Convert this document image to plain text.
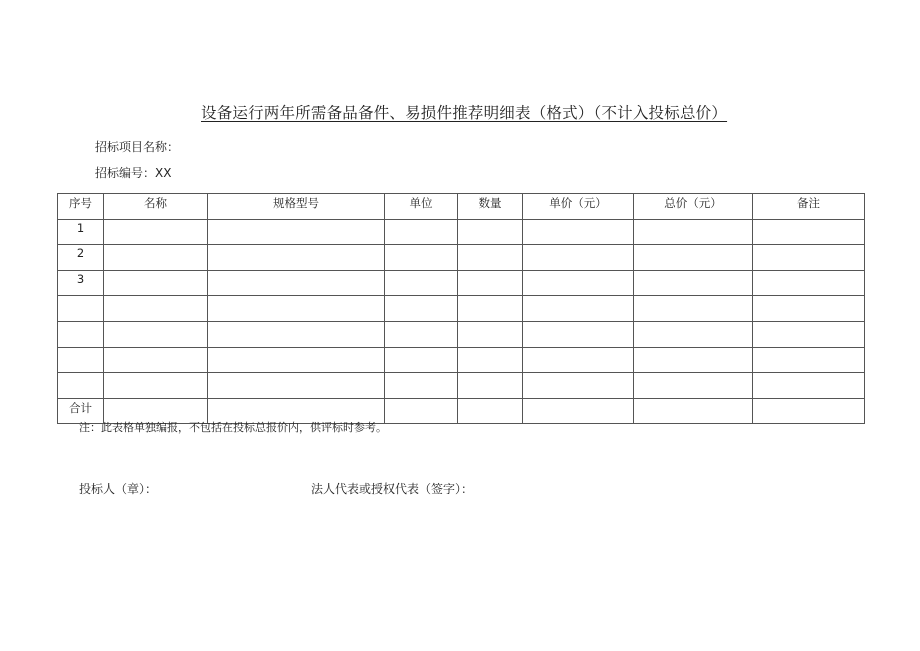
设备运行两年所需备品备件、易损件推荐明细表（格式）（不计入投标总价）
招标项目名称：
招标编号：XX
序号	名称	规格型号	单位	数量	单价（元）	总价（元）	备注
1							
2							
3							

合计							
注：此表格单独编报，不包括在投标总报价内，供评标时参考。
投标人（章）：	法人代表或授权代表（签字）：
